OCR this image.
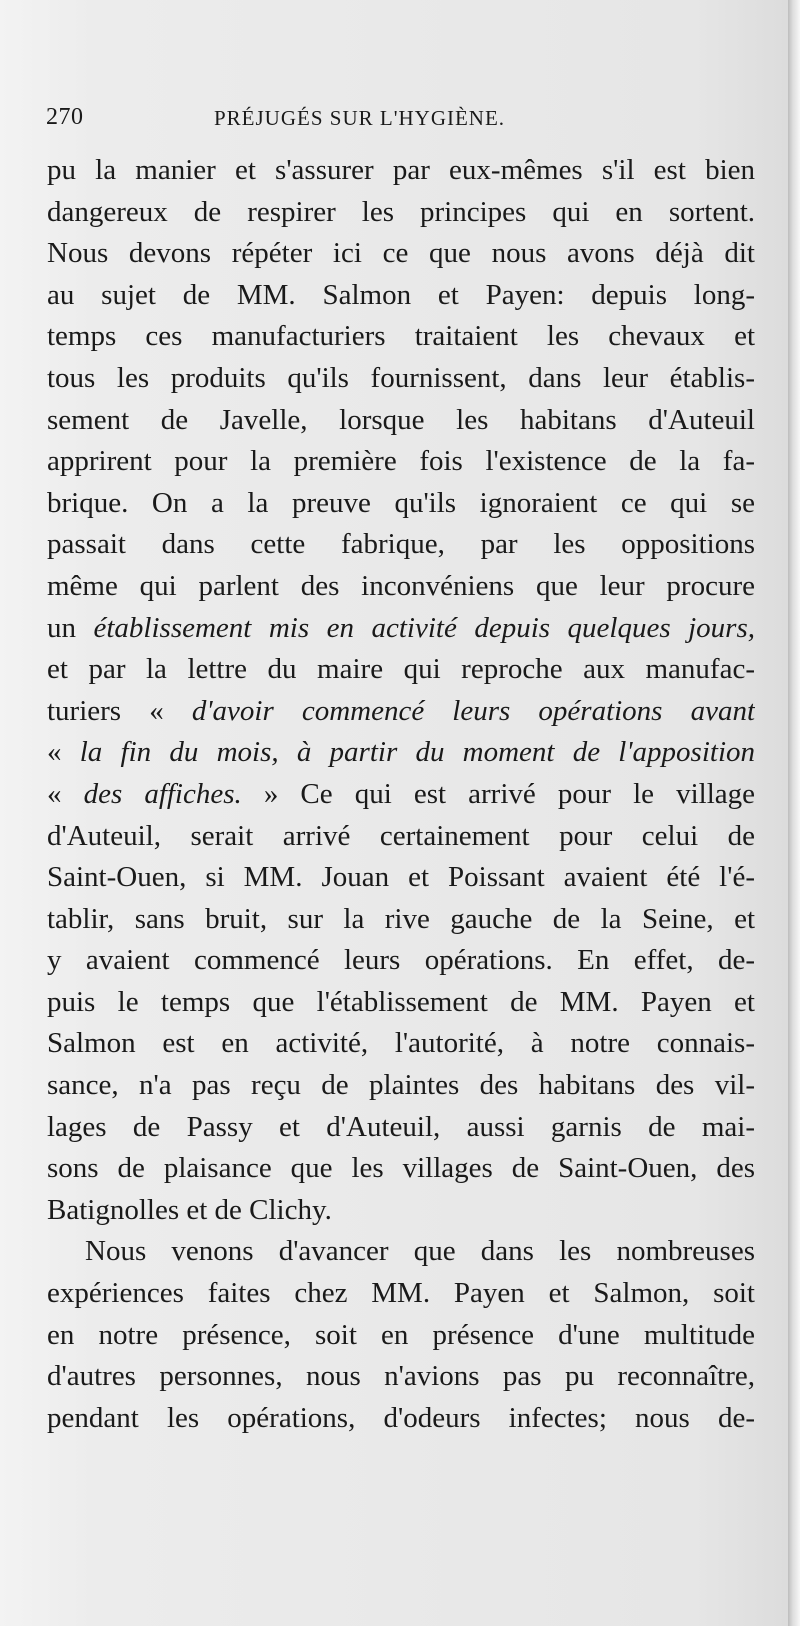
270	PRÉJUGÉS SUR L'HYGIÈNE.
pu la manier et s'assurer par eux-mêmes s'il est bien
dangereux de respirer les principes qui en sortent.
Nous devons répéter ici ce que nous avons déjà dit
au sujet de MM. Salmon et Payen: depuis long-
temps ces manufacturiers traitaient les chevaux et
tous les produits qu'ils fournissent, dans leur établis-
sement de Javelle, lorsque les habitans d'Auteuil
apprirent pour la première fois l'existence de la fa-
brique. On a la preuve qu'ils ignoraient ce qui se
passait dans cette fabrique, par les oppositions
même qui parlent des inconvéniens que leur procure
un établissement mis en activité depuis quelques jours,
et par la lettre du maire qui reproche aux manufac-
turiers « d'avoir commencé leurs opérations avant
« la fin du mois, à partir du moment de l'apposition
« des affiches. » Ce qui est arrivé pour le village
d'Auteuil, serait arrivé certainement pour celui de
Saint-Ouen, si MM. Jouan et Poissant avaient été l'é-
tablir, sans bruit, sur la rive gauche de la Seine, et
y avaient commencé leurs opérations. En effet, de-
puis le temps que l'établissement de MM. Payen et
Salmon est en activité, l'autorité, à notre connais-
sance, n'a pas reçu de plaintes des habitans des vil-
lages de Passy et d'Auteuil, aussi garnis de mai-
sons de plaisance que les villages de Saint-Ouen, des
Batignolles et de Clichy.
Nous venons d'avancer que dans les nombreuses
expériences faites chez MM. Payen et Salmon, soit
en notre présence, soit en présence d'une multitude
d'autres personnes, nous n'avions pas pu reconnaître,
pendant les opérations, d'odeurs infectes; nous de-
